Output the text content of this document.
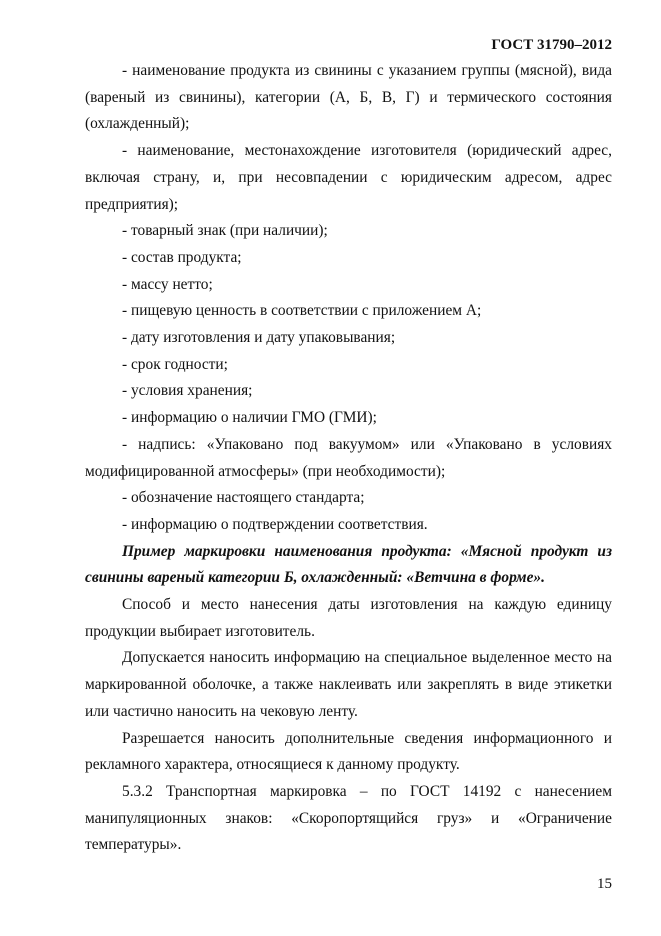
ГОСТ 31790–2012

- наименование продукта из свинины с указанием группы (мясной), вида (вареный из свинины), категории (А, Б, В, Г) и термического состояния (охлаждeнный);

- наименование, местонахождение изготовителя (юридический адрес, включая страну, и, при несовпадении с юридическим адресом, адрес предприятия);

- товарный знак (при наличии);

- состав продукта;

- массу нетто;

- пищевую ценность в соответствии с приложением А;

- дату изготовления и дату упаковывания;

- срок годности;

- условия хранения;

- информацию о наличии ГМО (ГМИ);

- надпись: «Упаковано под вакуумом» или «Упаковано в условиях модифицированной атмосферы» (при необходимости);

- обозначение настоящего стандарта;

- информацию о подтверждении соответствия.

Пример маркировки наименования продукта: «Мясной продукт из свинины вареный категории Б, охлажденный: «Ветчина в форме».

Способ и место нанесения даты изготовления на каждую единицу продукции выбирает изготовитель.

Допускается наносить информацию на специальное выделенное место на маркированной оболочке, а также наклеивать или закреплять в виде этикетки или частично наносить на чековую ленту.

Разрешается наносить дополнительные сведения информационного и рекламного характера, относящиеся к данному продукту.

5.3.2 Транспортная маркировка – по ГОСТ 14192 с нанесением манипуляционных знаков: «Скоропортящийся груз» и «Ограничение температуры».

15
